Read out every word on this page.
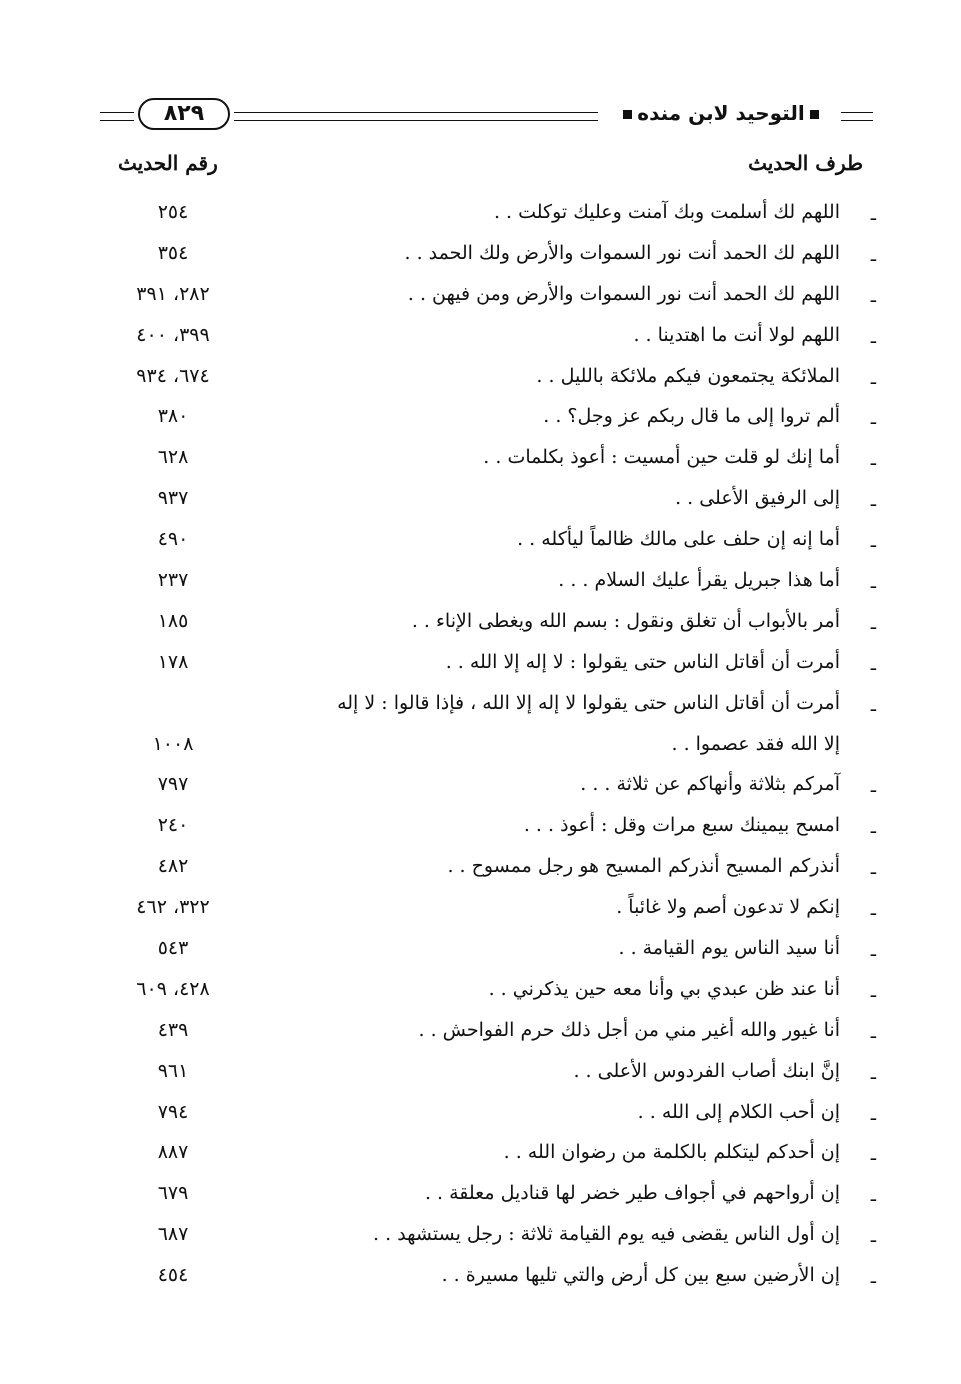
٨٢٩	التوحيد لابن منده
طرف الحديث
رقم الحديث
ـ
اللهم لك أسلمت وبك آمنت وعليك توكلت . .
٢٥٤
ـ
اللهم لك الحمد أنت نور السموات والأرض ولك الحمد . .
٣٥٤
ـ
اللهم لك الحمد أنت نور السموات والأرض ومن فيهن . .
٢٨٢، ٣٩١
ـ
اللهم لولا أنت ما اهتدينا . .
٣٩٩، ٤٠٠
ـ
الملائكة يجتمعون فيكم ملائكة بالليل . .
٦٧٤، ٩٣٤
ـ
ألم تروا إلى ما قال ربكم عز وجل؟ . .
٣٨٠
ـ
أما إنك لو قلت حين أمسيت : أعوذ بكلمات . .
٦٢٨
ـ
إلى الرفيق الأعلى . .
٩٣٧
ـ
أما إنه إن حلف على مالك ظالماً ليأكله . .
٤٩٠
ـ
أما هذا جبريل يقرأ عليك السلام . . .
٢٣٧
ـ
أمر بالأبواب أن تغلق ونقول : بسم الله ويغطى الإناء . .
١٨٥
ـ
أمرت أن أقاتل الناس حتى يقولوا : لا إله إلا الله . .
١٧٨
ـ
أمرت أن أقاتل الناس حتى يقولوا لا إله إلا الله ، فإذا قالوا : لا إله
إلا الله فقد عصموا . .
١٠٠٨
ـ
آمركم بثلاثة وأنهاكم عن ثلاثة . . .
٧٩٧
ـ
امسح بيمينك سبع مرات وقل : أعوذ . . .
٢٤٠
ـ
أنذركم المسيح أنذركم المسيح هو رجل ممسوح . .
٤٨٢
ـ
إنكم لا تدعون أصم ولا غائباً .
٣٢٢، ٤٦٢
ـ
أنا سيد الناس يوم القيامة . .
٥٤٣
ـ
أنا عند ظن عبدي بي وأنا معه حين يذكرني . .
٤٢٨، ٦٠٩
ـ
أنا غيور والله أغير مني من أجل ذلك حرم الفواحش . .
٤٣٩
ـ
إنَّ ابنك أصاب الفردوس الأعلى . .
٩٦١
ـ
إن أحب الكلام إلى الله . .
٧٩٤
ـ
إن أحدكم ليتكلم بالكلمة من رضوان الله . .
٨٨٧
ـ
إن أرواحهم في أجواف طير خضر لها قناديل معلقة . .
٦٧٩
ـ
إن أول الناس يقضى فيه يوم القيامة ثلاثة : رجل يستشهد . .
٦٨٧
ـ
إن الأرضين سبع بين كل أرض والتي تليها مسيرة . .
٤٥٤
